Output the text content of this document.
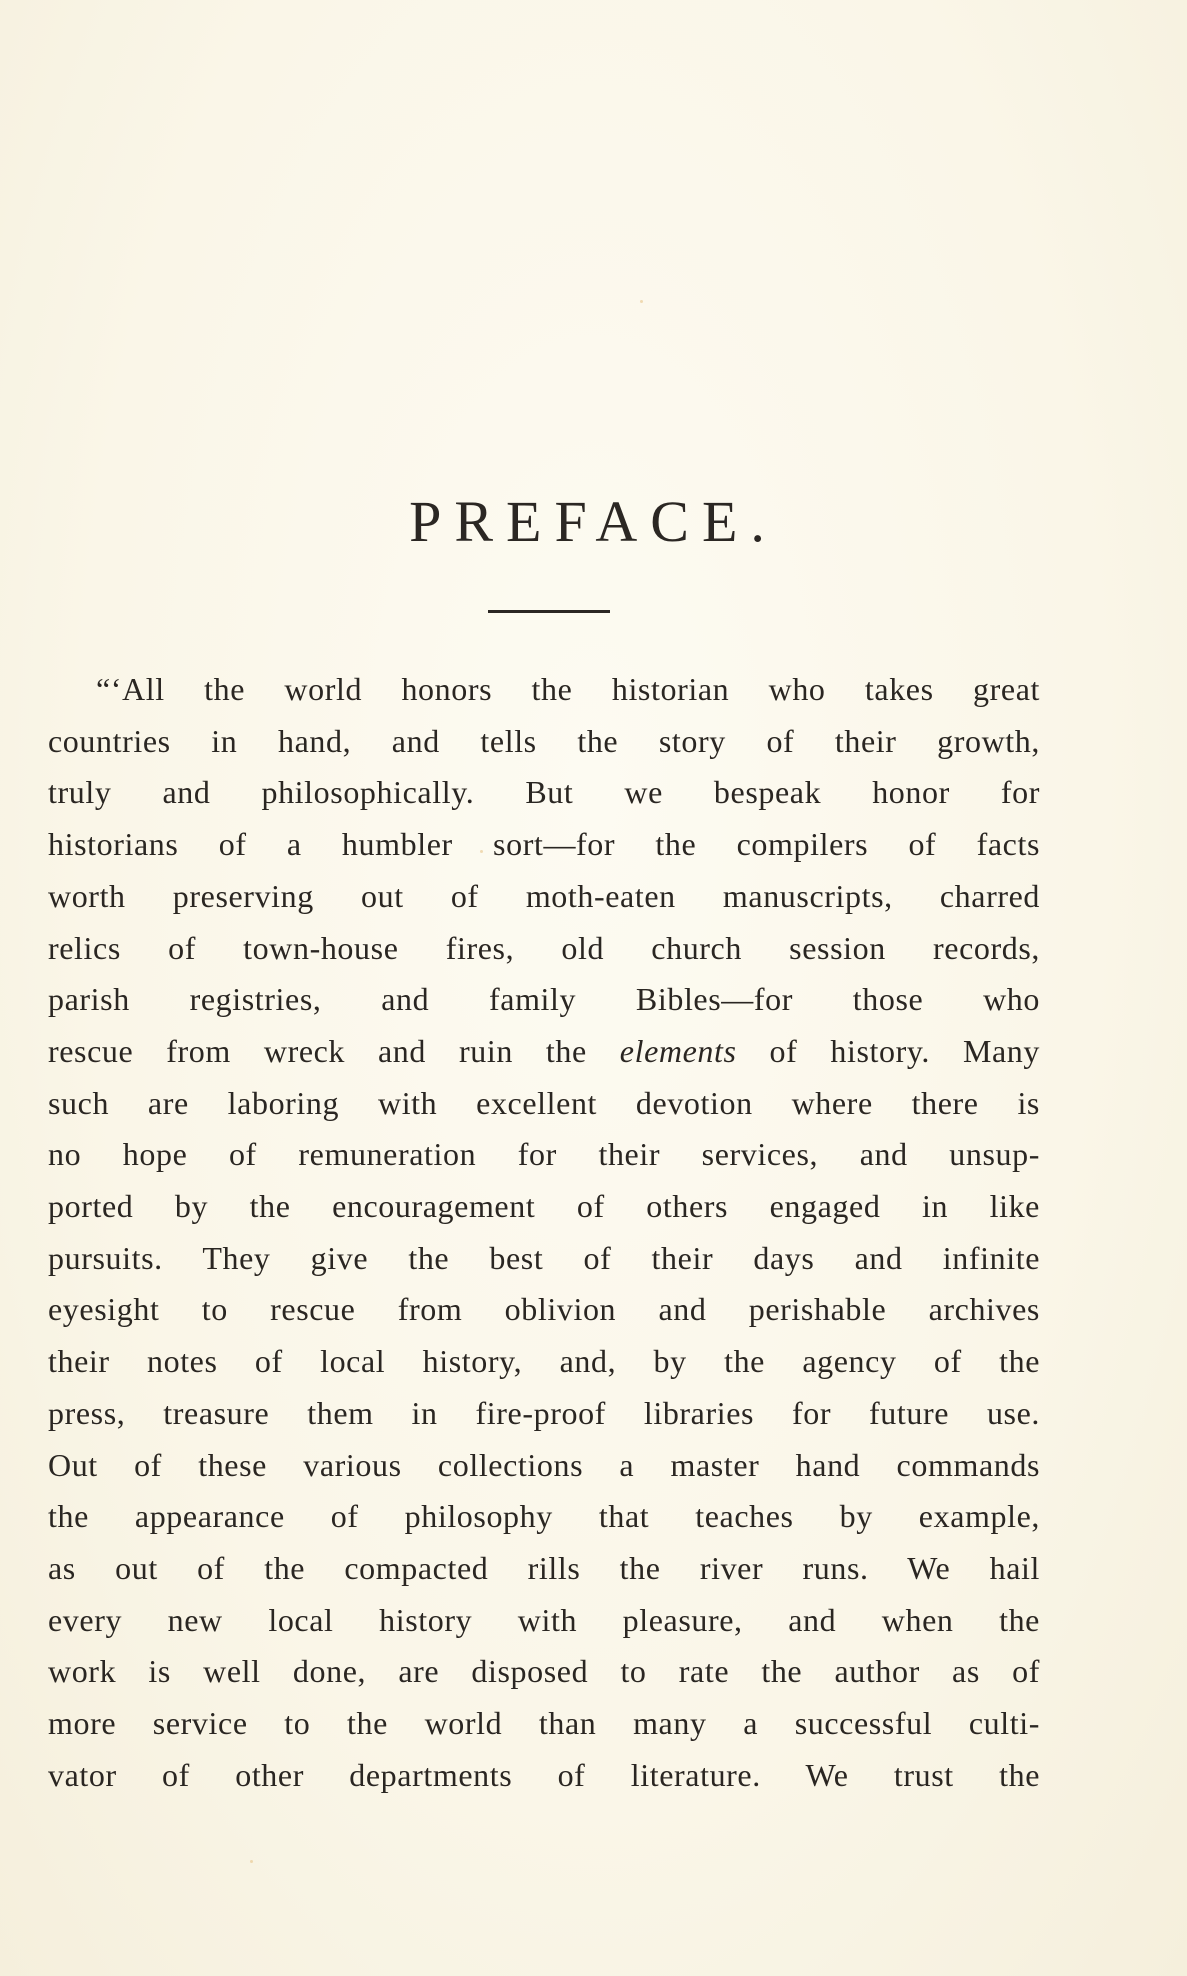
PREFACE.
“‘All the world honors the historian who takes great
countries in hand, and tells the story of their growth,
truly and philosophically. But we bespeak honor for
historians of a humbler sort—for the compilers of facts
worth preserving out of moth-eaten manuscripts, charred
relics of town-house fires, old church session records,
parish registries, and family Bibles—for those who
rescue from wreck and ruin the elements of history. Many
such are laboring with excellent devotion where there is
no hope of remuneration for their services, and unsup-
ported by the encouragement of others engaged in like
pursuits. They give the best of their days and infinite
eyesight to rescue from oblivion and perishable archives
their notes of local history, and, by the agency of the
press, treasure them in fire-proof libraries for future use.
Out of these various collections a master hand commands
the appearance of philosophy that teaches by example,
as out of the compacted rills the river runs. We hail
every new local history with pleasure, and when the
work is well done, are disposed to rate the author as of
more service to the world than many a successful culti-
vator of other departments of literature. We trust the
